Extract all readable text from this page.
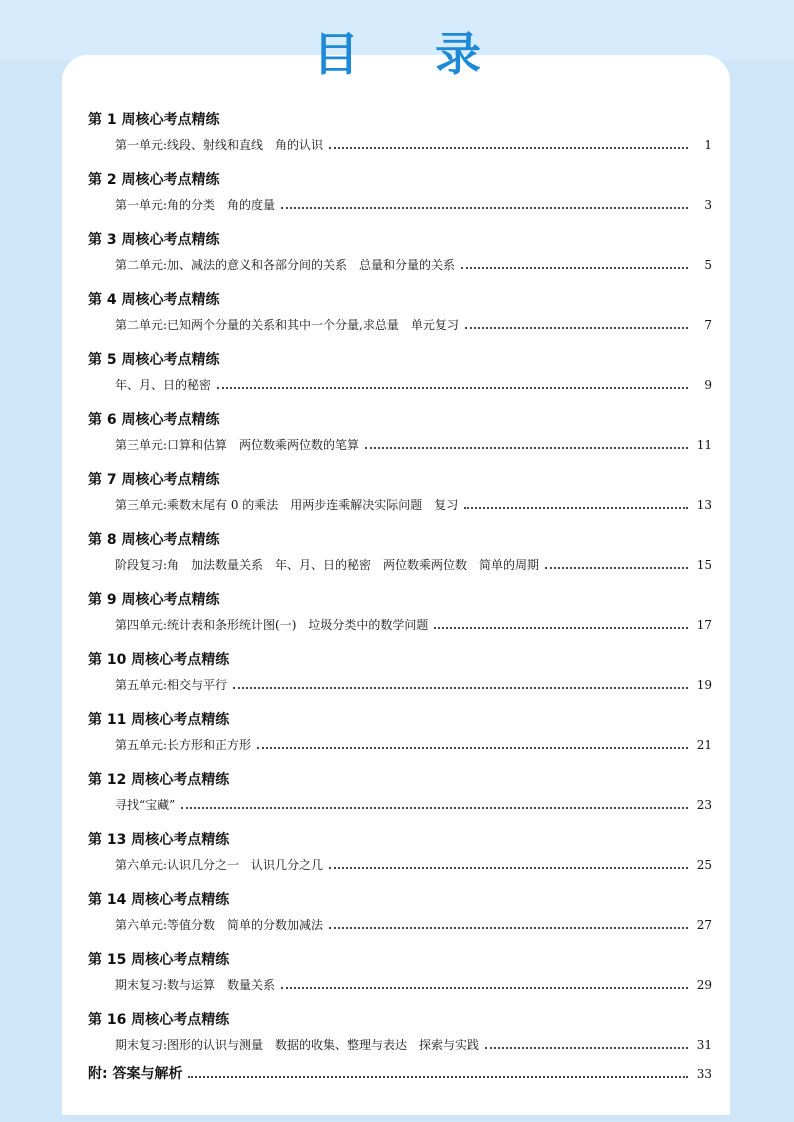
目 录
第 1 周核心考点精练
第一单元:线段、射线和直线　角的认识	1
第 2 周核心考点精练
第一单元:角的分类　角的度量	3
第 3 周核心考点精练
第二单元:加、减法的意义和各部分间的关系　总量和分量的关系	5
第 4 周核心考点精练
第二单元:已知两个分量的关系和其中一个分量,求总量　单元复习	7
第 5 周核心考点精练
年、月、日的秘密	9
第 6 周核心考点精练
第三单元:口算和估算　两位数乘两位数的笔算	11
第 7 周核心考点精练
第三单元:乘数末尾有 0 的乘法　用两步连乘解决实际问题　复习	13
第 8 周核心考点精练
阶段复习:角　加法数量关系　年、月、日的秘密　两位数乘两位数　简单的周期	15
第 9 周核心考点精练
第四单元:统计表和条形统计图(一)　垃圾分类中的数学问题	17
第 10 周核心考点精练
第五单元:相交与平行	19
第 11 周核心考点精练
第五单元:长方形和正方形	21
第 12 周核心考点精练
寻找“宝藏”	23
第 13 周核心考点精练
第六单元:认识几分之一　认识几分之几	25
第 14 周核心考点精练
第六单元:等值分数　简单的分数加减法	27
第 15 周核心考点精练
期末复习:数与运算　数量关系	29
第 16 周核心考点精练
期末复习:图形的认识与测量　数据的收集、整理与表达　探索与实践	31
附: 答案与解析	33
